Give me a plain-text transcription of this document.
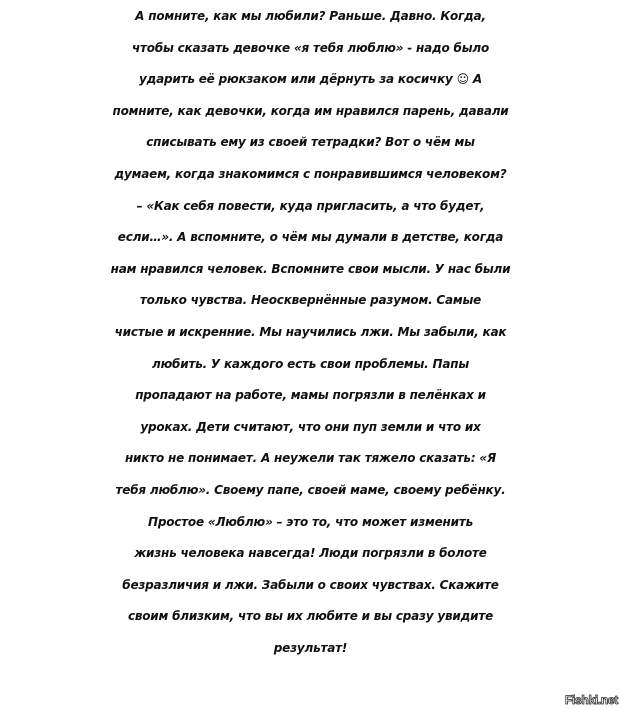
А помните, как мы любили? Раньше. Давно. Когда,
чтобы сказать девочке «я тебя люблю» - надо было
ударить её рюкзаком или дёрнуть за косичку ☺ А
помните, как девочки, когда им нравился парень, давали
списывать ему из своей тетрадки? Вот о чём мы
думаем, когда знакомимся с понравившимся человеком?
– «Как себя повести, куда пригласить, а что будет,
если…». А вспомните, о чём мы думали в детстве, когда
нам нравился человек. Вспомните свои мысли. У нас были
только чувства. Неосквернённые разумом. Самые
чистые и искренние. Мы научились лжи. Мы забыли, как
любить. У каждого есть свои проблемы. Папы
пропадают на работе, мамы погрязли в пелёнках и
уроках. Дети считают, что они пуп земли и что их
никто не понимает. А неужели так тяжело сказать: «Я
тебя люблю». Своему папе, своей маме, своему ребёнку.
Простое «Люблю» – это то, что может изменить
жизнь человека навсегда! Люди погрязли в болоте
безразличия и лжи. Забыли о своих чувствах. Скажите
своим близким, что вы их любите и вы сразу увидите
результат!
Fishki.net
